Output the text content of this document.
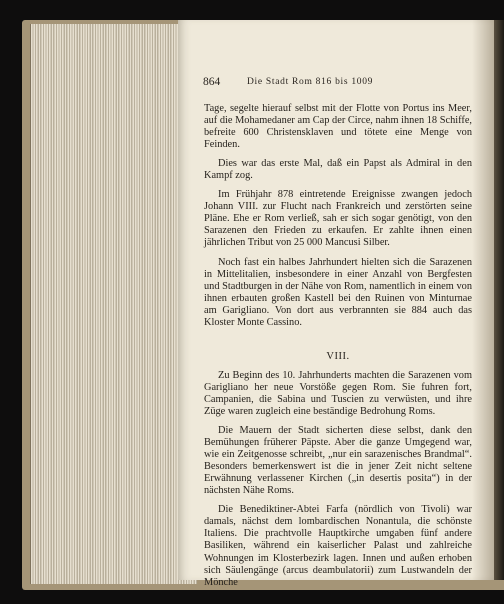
864	Die Stadt Rom 816 bis 1009

Tage, segelte hierauf selbst mit der Flotte von Portus ins Meer, auf die Mohamedaner am Cap der Circe, nahm ihnen 18 Schiffe, befreite 600 Christensklaven und tötete eine Menge von Feinden.

Dies war das erste Mal, daß ein Papst als Admiral in den Kampf zog.

Im Frühjahr 878 eintretende Ereignisse zwangen jedoch Johann VIII. zur Flucht nach Frankreich und zerstörten seine Pläne. Ehe er Rom verließ, sah er sich sogar genötigt, von den Sarazenen den Frieden zu erkaufen. Er zahlte ihnen einen jährlichen Tribut von 25 000 Mancusi Silber.

Noch fast ein halbes Jahrhundert hielten sich die Sarazenen in Mittelitalien, insbesondere in einer Anzahl von Bergfesten und Stadtburgen in der Nähe von Rom, namentlich in einem von ihnen erbauten großen Kastell bei den Ruinen von Minturnae am Garigliano. Von dort aus verbrannten sie 884 auch das Kloster Monte Cassino.

VIII.

Zu Beginn des 10. Jahrhunderts machten die Sarazenen vom Garigliano her neue Vorstöße gegen Rom. Sie fuhren fort, Campanien, die Sabina und Tuscien zu verwüsten, und ihre Züge waren zugleich eine beständige Bedrohung Roms.

Die Mauern der Stadt sicherten diese selbst, dank den Bemühungen früherer Päpste. Aber die ganze Umgegend war, wie ein Zeitgenosse schreibt, „nur ein sarazenisches Brandmal“. Besonders bemerkenswert ist die in jener Zeit nicht seltene Erwähnung verlassener Kirchen („in desertis posita“) in der nächsten Nähe Roms.

Die Benediktiner-Abtei Farfa (nördlich von Tivoli) war damals, nächst dem lombardischen Nonantula, die schönste Italiens. Die prachtvolle Hauptkirche umgaben fünf andere Basiliken, während ein kaiserlicher Palast und zahlreiche Wohnungen im Klosterbezirk lagen. Innen und außen erhoben sich Säulengänge (arcus deambulatorii) zum Lustwandeln der Mönche
